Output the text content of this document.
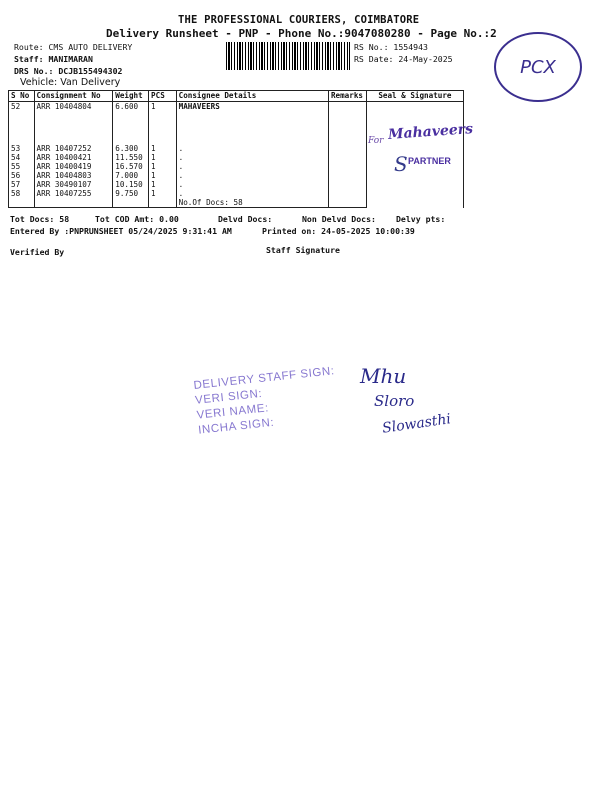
THE PROFESSIONAL COURIERS, COIMBATORE
Delivery Runsheet - PNP - Phone No.:9047080280 - Page No.:2
Route: CMS AUTO DELIVERY
Staff: MANIMARAN
DRS No.: DCJB155494302
Vehicle: Van Delivery
RS No.: 1554943
RS Date: 24-May-2025	PCX
S No	Consignment No	Weight	PCS	Consignee Details	Remarks	Seal & Signature
52	ARR 10404804	6.600	1	MAHAVEERS		
53	ARR 10407252	6.300	1	.		
54	ARR 10400421	11.550	1	.		
55	ARR 10400419	16.570	1	.		
56	ARR 10404803	7.000	1	.		
57	ARR 30490107	10.150	1	.		
58	ARR 10407255	9.750	1	.		
				No.Of Docs: 58		
For Mahaveers
S PARTNER
Tot Docs: 58	Tot COD Amt: 0.00	Delvd Docs:	Non Delvd Docs: Delvy pts:
Entered By :PNPRUNSHEET 05/24/2025 9:31:41 AM	Printed on: 24-05-2025 10:00:39
Verified By	Staff Signature
DELIVERY STAFF SIGN:
VERI SIGN:
VERI NAME:
INCHA SIGN:
Mhu
Sloro
Slowasthi
